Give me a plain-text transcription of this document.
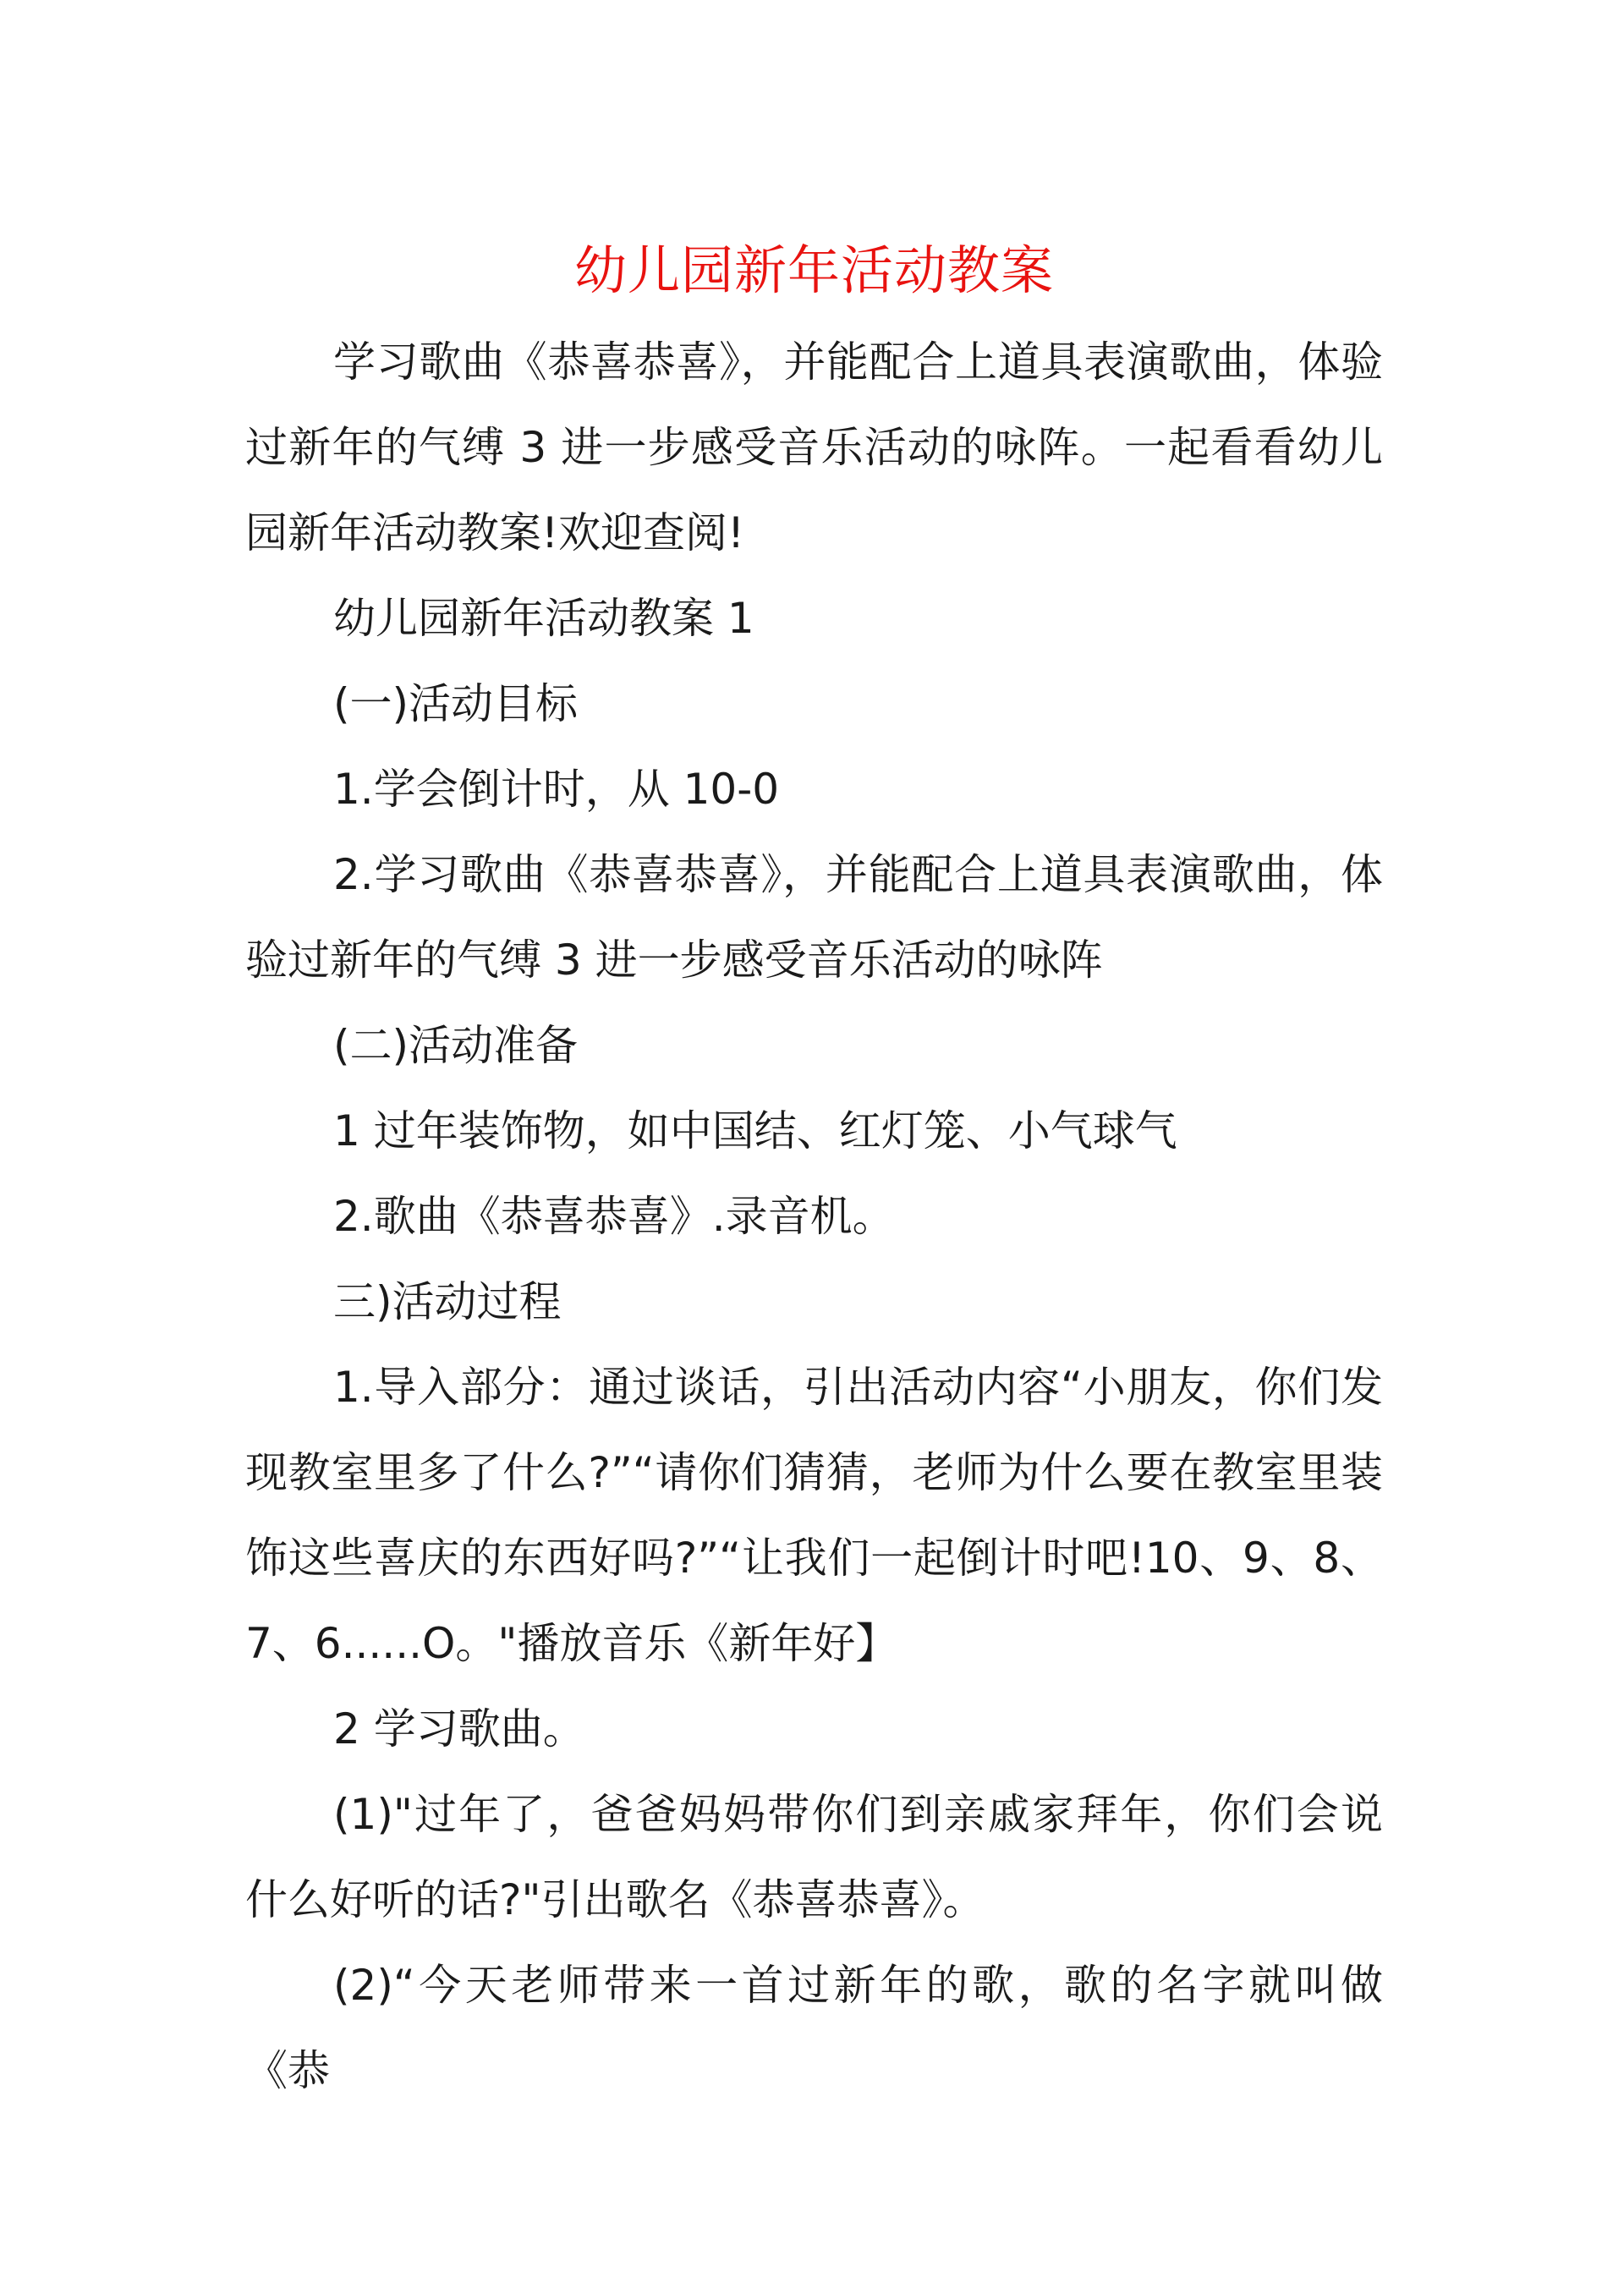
幼儿园新年活动教案

学习歌曲《恭喜恭喜》，并能配合上道具表演歌曲，体验过新年的气缚 3 进一步感受音乐活动的咏阵。一起看看幼儿园新年活动教案!欢迎查阅!

幼儿园新年活动教案 1

(一)活动目标

1.学会倒计时，从 10-0

2.学习歌曲《恭喜恭喜》，并能配合上道具表演歌曲，体验过新年的气缚 3 进一步感受音乐活动的咏阵

(二)活动准备

1 过年装饰物，如中国结、红灯笼、小气球气

2.歌曲《恭喜恭喜》.录音机。

三)活动过程

1.导入部分：通过谈话，引出活动内容“小朋友，你们发现教室里多了什么?”“请你们猜猜，老师为什么要在教室里装饰这些喜庆的东西好吗?”“让我们一起倒计时吧!10、9、8、7、6......O。"播放音乐《新年好】

2 学习歌曲。

(1)"过年了，爸爸妈妈带你们到亲戚家拜年，你们会说什么好听的话?"引出歌名《恭喜恭喜》。

(2)“今天老师带来一首过新年的歌，歌的名字就叫做《恭
